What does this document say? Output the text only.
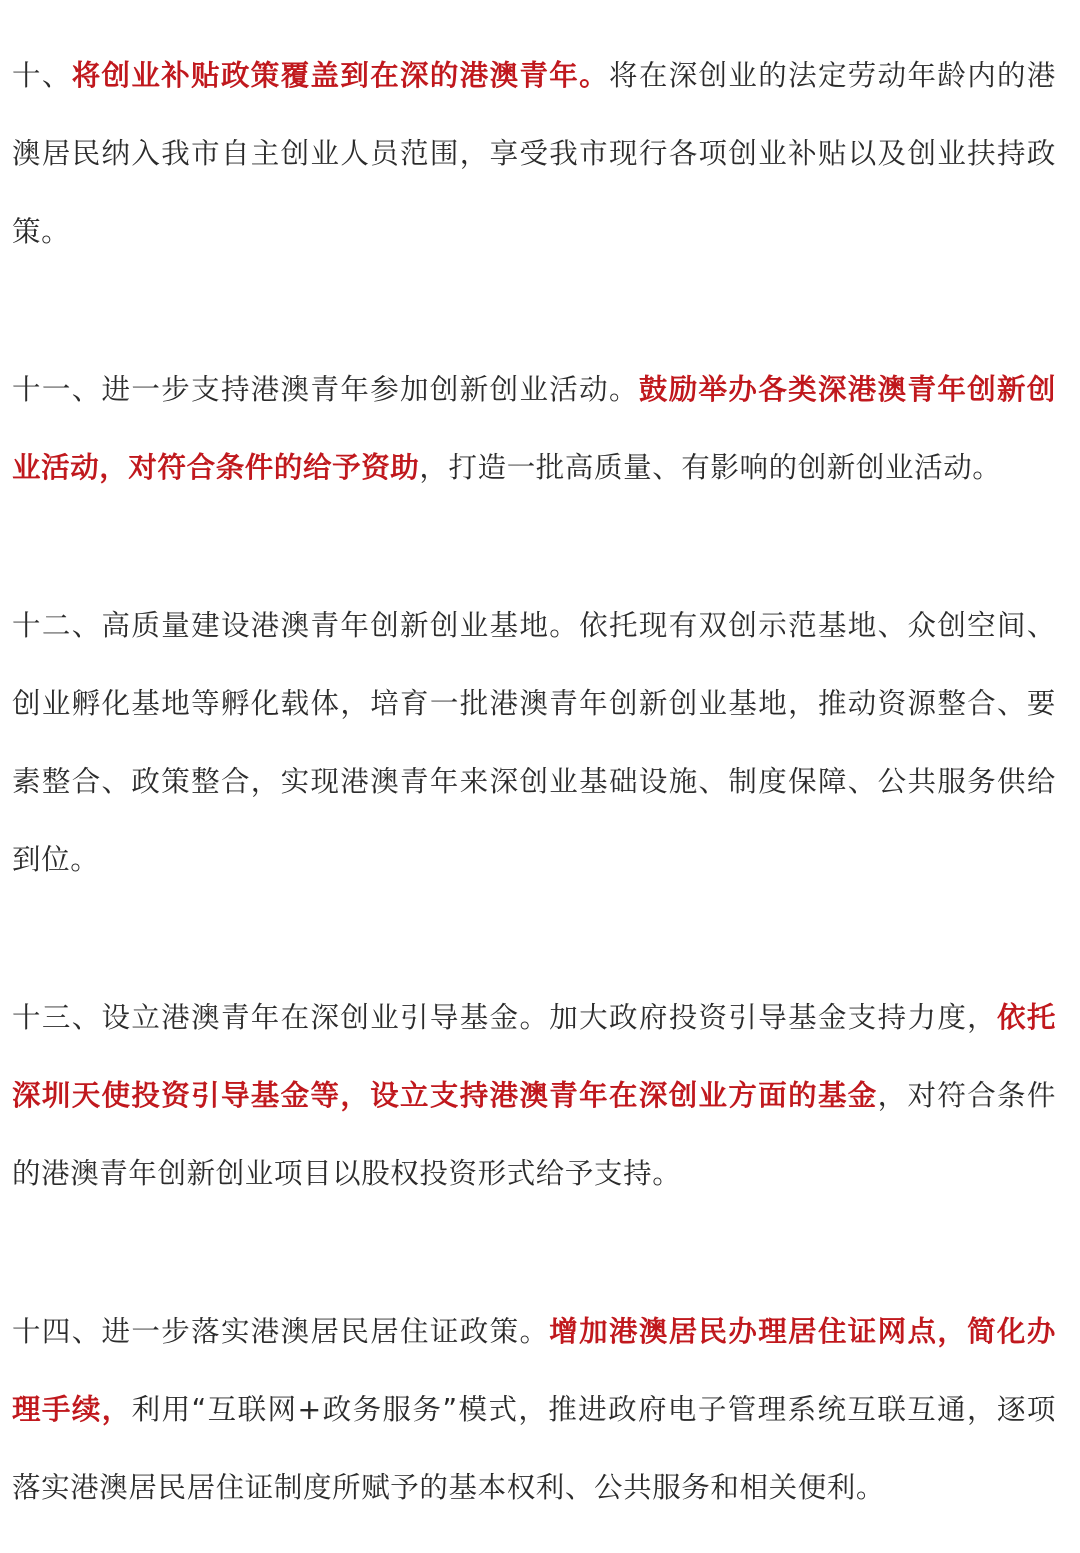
十、将创业补贴政策覆盖到在深的港澳青年。将在深创业的法定劳动年龄内的港澳居民纳入我市自主创业人员范围，享受我市现行各项创业补贴以及创业扶持政策。

十一、进一步支持港澳青年参加创新创业活动。鼓励举办各类深港澳青年创新创业活动，对符合条件的给予资助，打造一批高质量、有影响的创新创业活动。

十二、高质量建设港澳青年创新创业基地。依托现有双创示范基地、众创空间、创业孵化基地等孵化载体，培育一批港澳青年创新创业基地，推动资源整合、要素整合、政策整合，实现港澳青年来深创业基础设施、制度保障、公共服务供给到位。

十三、设立港澳青年在深创业引导基金。加大政府投资引导基金支持力度，依托深圳天使投资引导基金等，设立支持港澳青年在深创业方面的基金，对符合条件的港澳青年创新创业项目以股权投资形式给予支持。

十四、进一步落实港澳居民居住证政策。增加港澳居民办理居住证网点，简化办理手续，利用“互联网+政务服务”模式，推进政府电子管理系统互联互通，逐项落实港澳居民居住证制度所赋予的基本权利、公共服务和相关便利。
